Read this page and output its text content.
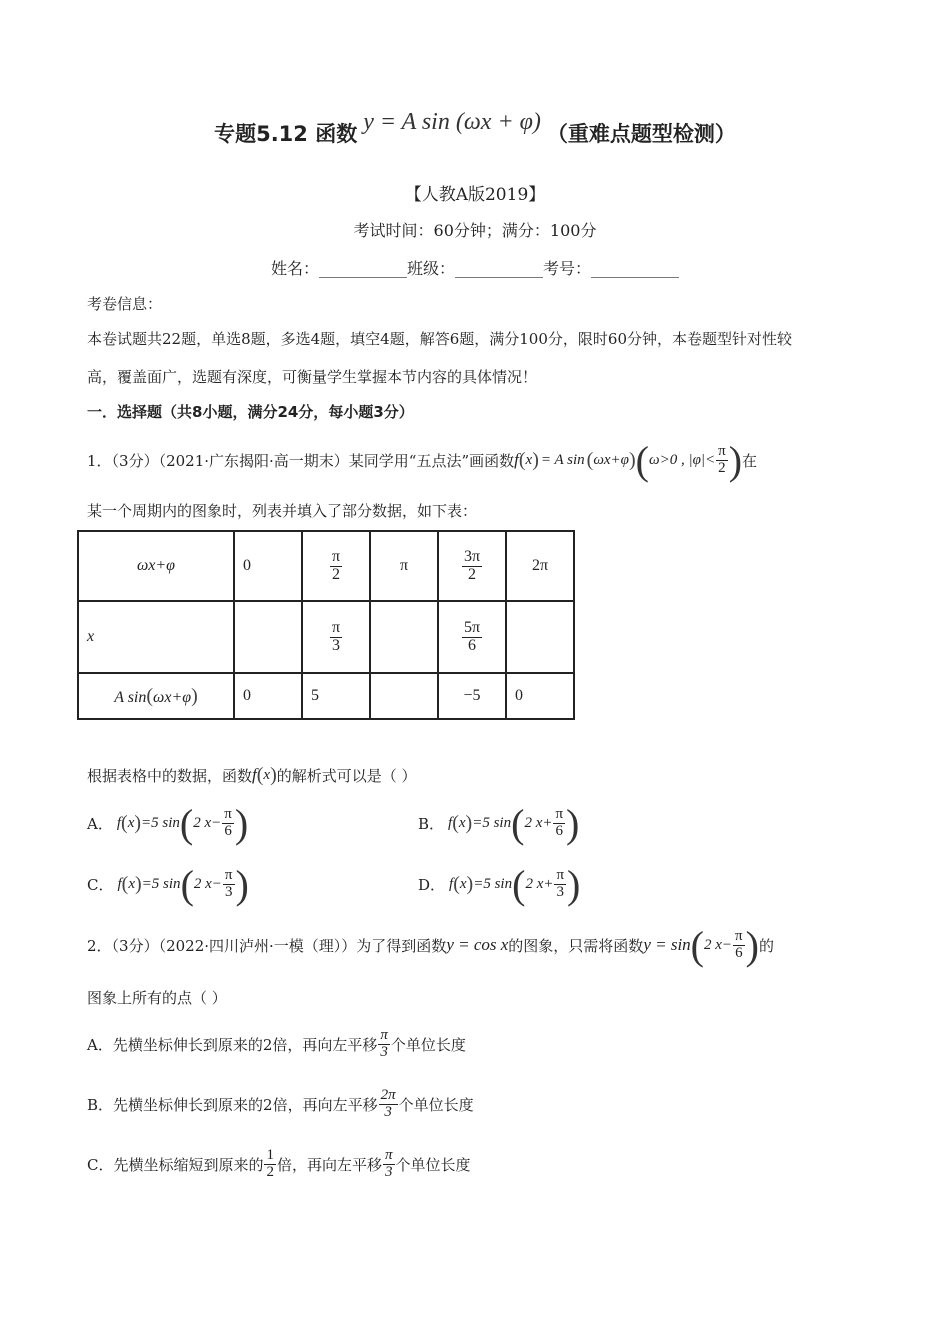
专题5.12 函数 y = A sin (ωx + φ) （重难点题型检测）
【人教A版2019】
考试时间：60分钟；满分：100分
姓名：___________班级：___________考号：___________
考卷信息：
本卷试题共22题，单选8题，多选4题，填空4题，解答6题，满分100分，限时60分钟，本卷题型针对性较
高，覆盖面广，选题有深度，可衡量学生掌握本节内容的具体情况！
一．选择题（共8小题，满分24分，每小题3分）
1．（3分）（2021·广东揭阳·高一期末）某同学用“五点法”画函数 f ( x ) = A sin ( ωx+φ ) ( ω>0 , $|\varphi|< \frac{\pi}{2}$ ) 在
某一个周期内的图象时，列表并填入了部分数据，如下表：
ωx+φ	0	$\frac{\pi}{2}$	π	$\frac{3\pi}{2}$	2π
x		$\frac{\pi}{3}$		$\frac{5\pi}{6}$

A sin(ωx+φ)	0	5		−5	0
根据表格中的数据，函数 f ( x ) 的解析式可以是（ ）
A． f ( x ) =5 sin ( 2 $x- \frac{\pi}{6}$ )	B． f ( x ) =5 sin ( 2 $x+ \frac{\pi}{6}$ )
C． f ( x ) =5 sin ( 2 $x- \frac{\pi}{3}$ )	D． f ( x ) =5 sin ( 2 $x+ \frac{\pi}{3}$ )
2．（3分）（2022·四川泸州·一模（理））为了得到函数 y = cos x 的图象，只需将函数 y = sin ( 2 $x- \frac{\pi}{6}$ ) 的
图象上所有的点（ ）
A．先横坐标伸长到原来的2倍，再向左平移 $\frac{\pi}{3}$ 个单位长度
B．先横坐标伸长到原来的2倍，再向左平移 $\frac{2\pi}{3}$ 个单位长度
C．先横坐标缩短到原来的 $\frac{1}{2}$ 倍，再向左平移 $\frac{\pi}{3}$ 个单位长度
